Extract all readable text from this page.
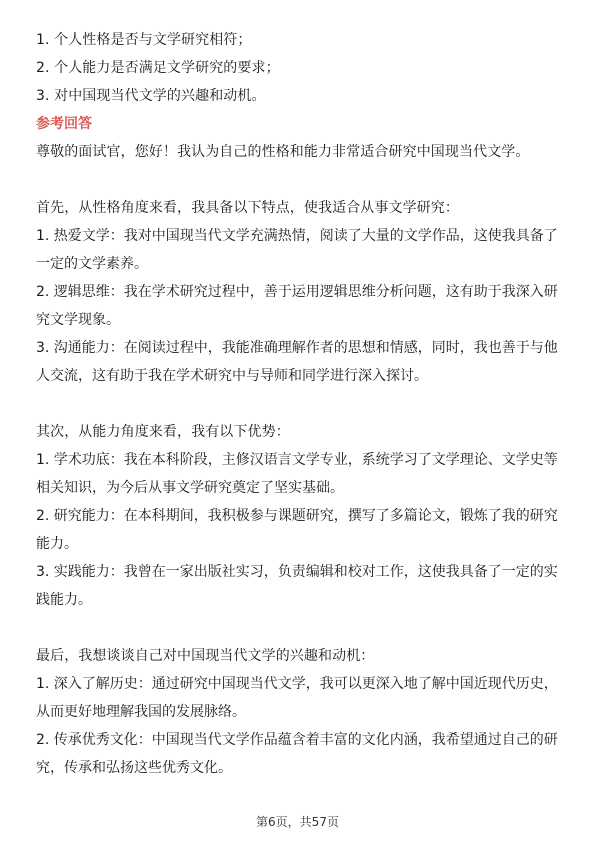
1. 个人性格是否与文学研究相符；
2. 个人能力是否满足文学研究的要求；
3. 对中国现当代文学的兴趣和动机。
参考回答
尊敬的面试官，您好！我认为自己的性格和能力非常适合研究中国现当代文学。
首先，从性格角度来看，我具备以下特点，使我适合从事文学研究：
1. 热爱文学：我对中国现当代文学充满热情，阅读了大量的文学作品，这使我具备了一定的文学素养。
2. 逻辑思维：我在学术研究过程中，善于运用逻辑思维分析问题，这有助于我深入研究文学现象。
3. 沟通能力：在阅读过程中，我能准确理解作者的思想和情感，同时，我也善于与他人交流，这有助于我在学术研究中与导师和同学进行深入探讨。
其次，从能力角度来看，我有以下优势：
1. 学术功底：我在本科阶段，主修汉语言文学专业，系统学习了文学理论、文学史等相关知识，为今后从事文学研究奠定了坚实基础。
2. 研究能力：在本科期间，我积极参与课题研究，撰写了多篇论文，锻炼了我的研究能力。
3. 实践能力：我曾在一家出版社实习，负责编辑和校对工作，这使我具备了一定的实践能力。
最后，我想谈谈自己对中国现当代文学的兴趣和动机：
1. 深入了解历史：通过研究中国现当代文学，我可以更深入地了解中国近现代历史，从而更好地理解我国的发展脉络。
2. 传承优秀文化：中国现当代文学作品蕴含着丰富的文化内涵，我希望通过自己的研究，传承和弘扬这些优秀文化。
第6页，共57页
